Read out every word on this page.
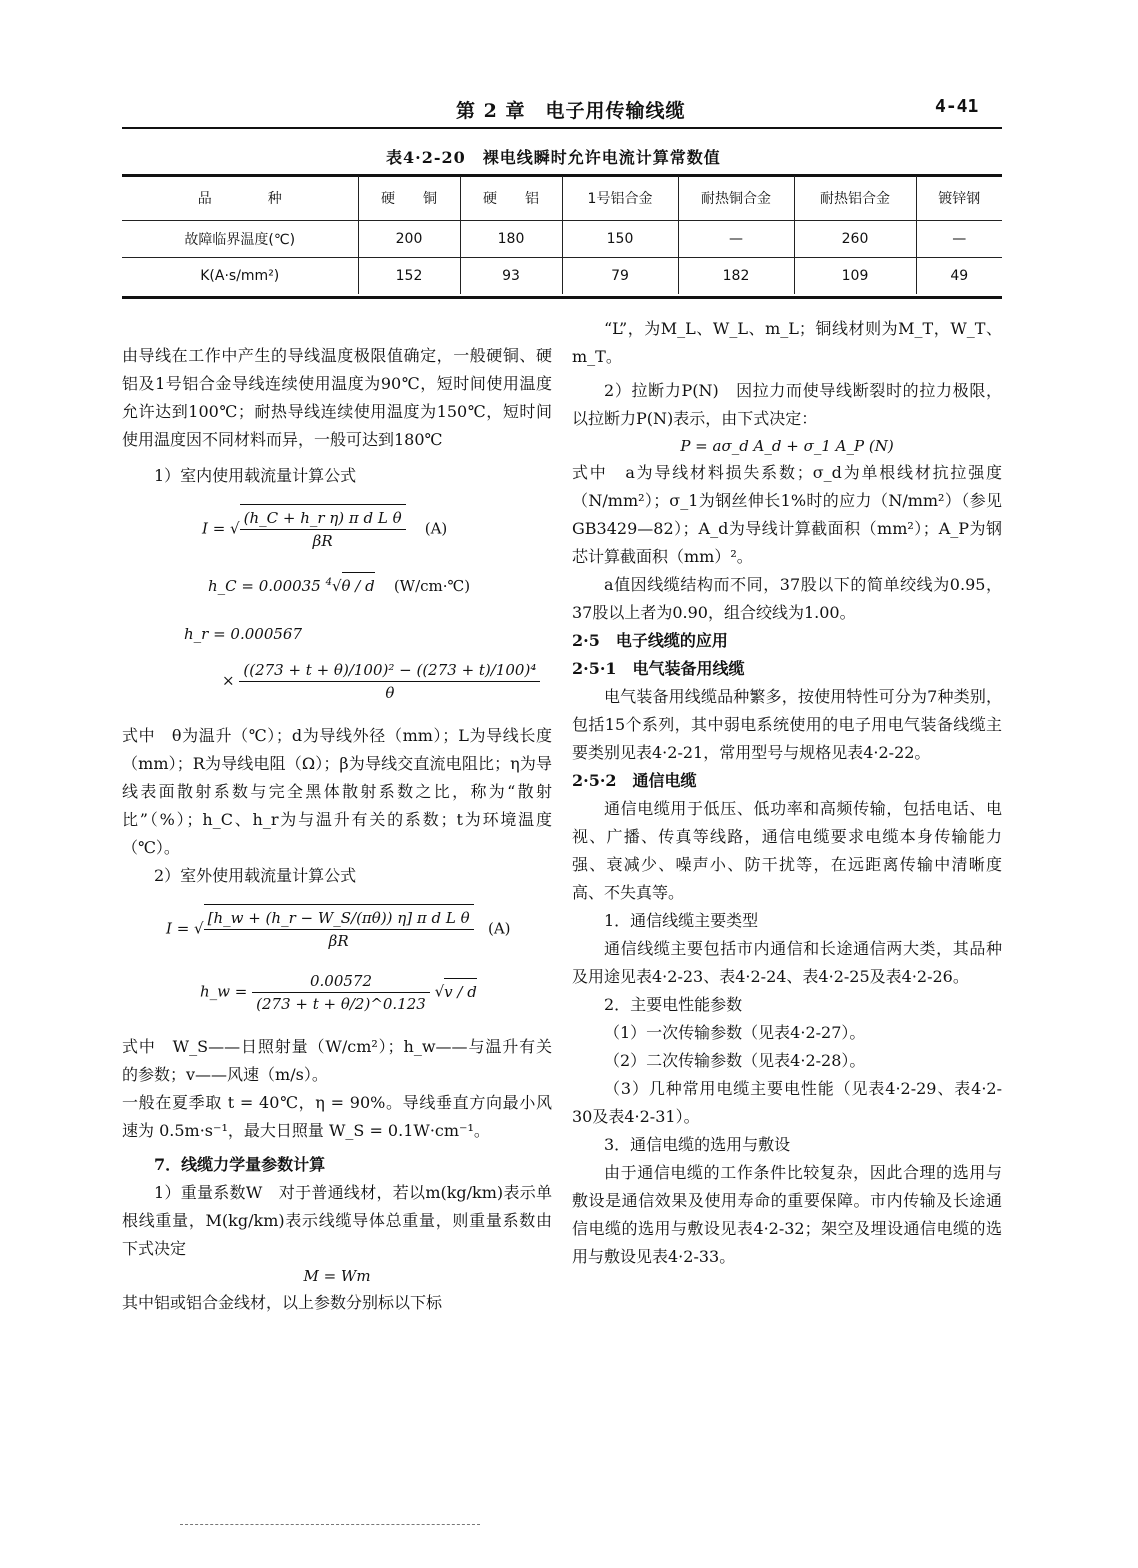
第 2 章　电子用传输线缆	4-41
表4·2-20　裸电线瞬时允许电流计算常数值
品　　　　种	硬　　铜	硬　　铝	1号铝合金	耐热铜合金	耐热铝合金	镀锌钢
故障临界温度(℃)	200	180	150	—	260	—
K(A·s/mm²)	152	93	79	182	109	49

由导线在工作中产生的导线温度极限值确定，一般硬铜、硬铝及1号铝合金导线连续使用温度为90℃，短时间使用温度允许达到100℃；耐热导线连续使用温度为150℃，短时间使用温度因不同材料而异，一般可达到180℃

1）室内使用载流量计算公式

I = √ $\frac{\text{(h\_C + h\_r η) π d L θ}}{\beta R} (A)$
h_C = 0.00035 $^4$√θ / d (W/cm·℃)
h_r = 0.000567
× $\frac{\text{((273 + t + θ)/100)² − ((273 + t)/100)⁴}}{\theta}$

式中　θ为温升（℃）；d为导线外径（mm）；L为导线长度（mm）；R为导线电阻（Ω）；β为导线交直流电阻比；η为导线表面散射系数与完全黑体散射系数之比，称为“散射比”（%）；h_C、h_r为与温升有关的系数；t为环境温度（℃）。

2）室外使用载流量计算公式

I = √ $\frac{\text{[h\_w + (h\_r − W\_S/(πθ)) η] π d L θ}}{\beta R} (A)$
h_w = $\frac{0.00572}{(273 + t + \theta/2)\^{}0.123} √v$ / d

式中　W_S——日照射量（W/cm²）；h_w——与温升有关的参数；v——风速（m/s）。

一般在夏季取 t = 40℃，η = 90%。导线垂直方向最小风速为 0.5m·s⁻¹，最大日照量 W_S = 0.1W·cm⁻¹。

7．线缆力学量参数计算

1）重量系数W　对于普通线材，若以m(kg/km)表示单根线重量，M(kg/km)表示线缆导体总重量，则重量系数由下式决定

M = Wm

其中铝或铝合金线材，以上参数分别标以下标

“L”，为M_L、W_L、m_L；铜线材则为M_T，W_T、m_T。

2）拉断力P(N)　因拉力而使导线断裂时的拉力极限，以拉断力P(N)表示，由下式决定：

P = aσ_d A_d + σ_1 A_P (N)

式中　a为导线材料损失系数；σ_d为单根线材抗拉强度（N/mm²）；σ_1为钢丝伸长1%时的应力（N/mm²）（参见GB3429—82）；A_d为导线计算截面积（mm²）；A_P为钢芯计算截面积（mm）²。

a值因线缆结构而不同，37股以下的简单绞线为0.95，37股以上者为0.90，组合绞线为1.00。

2·5　电子线缆的应用

2·5·1　电气装备用线缆

电气装备用线缆品种繁多，按使用特性可分为7种类别，包括15个系列，其中弱电系统使用的电子用电气装备线缆主要类别见表4·2-21，常用型号与规格见表4·2-22。

2·5·2　通信电缆

通信电缆用于低压、低功率和高频传输，包括电话、电视、广播、传真等线路，通信电缆要求电缆本身传输能力强、衰减少、噪声小、防干扰等，在远距离传输中清晰度高、不失真等。

1．通信线缆主要类型

通信线缆主要包括市内通信和长途通信两大类，其品种及用途见表4·2-23、表4·2-24、表4·2-25及表4·2-26。

2．主要电性能参数

（1）一次传输参数（见表4·2-27）。

（2）二次传输参数（见表4·2-28）。

（3）几种常用电缆主要电性能（见表4·2-29、表4·2-30及表4·2-31）。

3．通信电缆的选用与敷设

由于通信电缆的工作条件比较复杂，因此合理的选用与敷设是通信效果及使用寿命的重要保障。市内传输及长途通信电缆的选用与敷设见表4·2-32；架空及埋设通信电缆的选用与敷设见表4·2-33。
